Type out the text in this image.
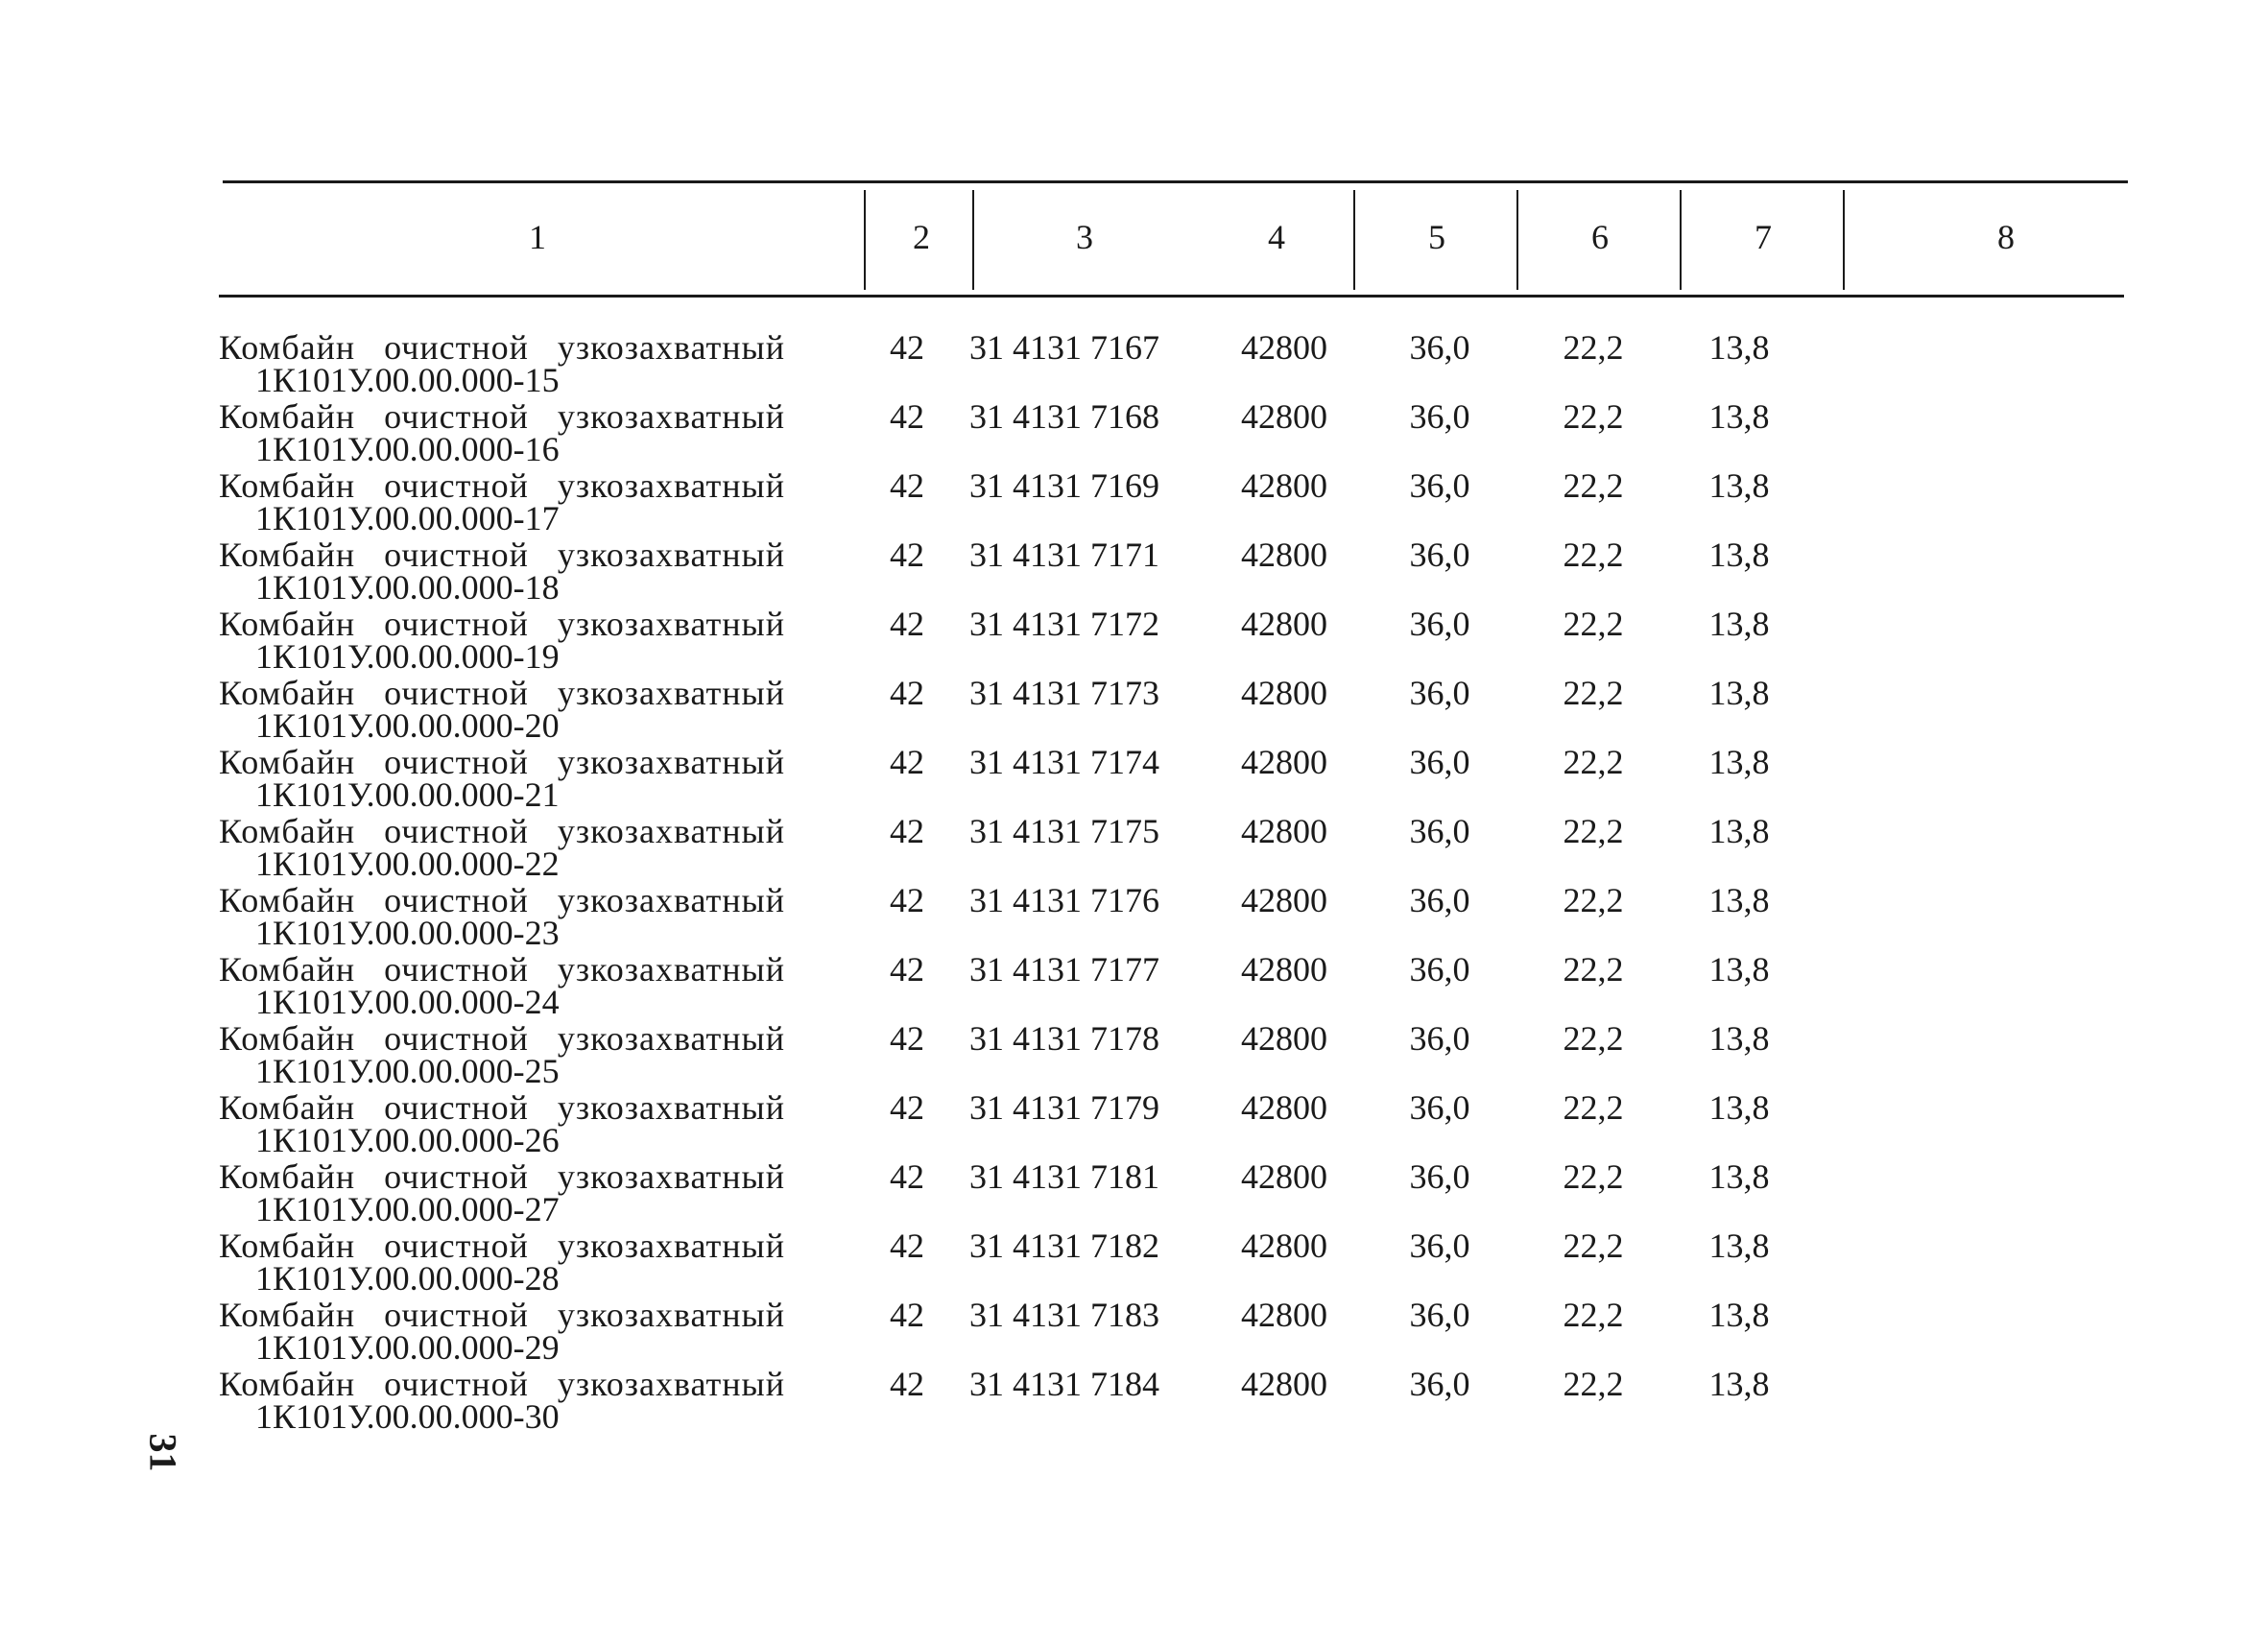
1	2	3	4	5	6	7	8
Комбайн очистной узкозахватный
1К101У.00.00.000-15
42	31 4131 7167	42800	36,0	22,2	13,8
Комбайн очистной узкозахватный
1К101У.00.00.000-16
42	31 4131 7168	42800	36,0	22,2	13,8
Комбайн очистной узкозахватный
1К101У.00.00.000-17
42	31 4131 7169	42800	36,0	22,2	13,8
Комбайн очистной узкозахватный
1К101У.00.00.000-18
42	31 4131 7171	42800	36,0	22,2	13,8
Комбайн очистной узкозахватный
1К101У.00.00.000-19
42	31 4131 7172	42800	36,0	22,2	13,8
Комбайн очистной узкозахватный
1К101У.00.00.000-20
42	31 4131 7173	42800	36,0	22,2	13,8
Комбайн очистной узкозахватный
1К101У.00.00.000-21
42	31 4131 7174	42800	36,0	22,2	13,8
Комбайн очистной узкозахватный
1К101У.00.00.000-22
42	31 4131 7175	42800	36,0	22,2	13,8
Комбайн очистной узкозахватный
1К101У.00.00.000-23
42	31 4131 7176	42800	36,0	22,2	13,8
Комбайн очистной узкозахватный
1К101У.00.00.000-24
42	31 4131 7177	42800	36,0	22,2	13,8
Комбайн очистной узкозахватный
1К101У.00.00.000-25
42	31 4131 7178	42800	36,0	22,2	13,8
Комбайн очистной узкозахватный
1К101У.00.00.000-26
42	31 4131 7179	42800	36,0	22,2	13,8
Комбайн очистной узкозахватный
1К101У.00.00.000-27
42	31 4131 7181	42800	36,0	22,2	13,8
Комбайн очистной узкозахватный
1К101У.00.00.000-28
42	31 4131 7182	42800	36,0	22,2	13,8
Комбайн очистной узкозахватный
1К101У.00.00.000-29
42	31 4131 7183	42800	36,0	22,2	13,8
Комбайн очистной узкозахватный
1К101У.00.00.000-30
42	31 4131 7184	42800	36,0	22,2	13,8
31
